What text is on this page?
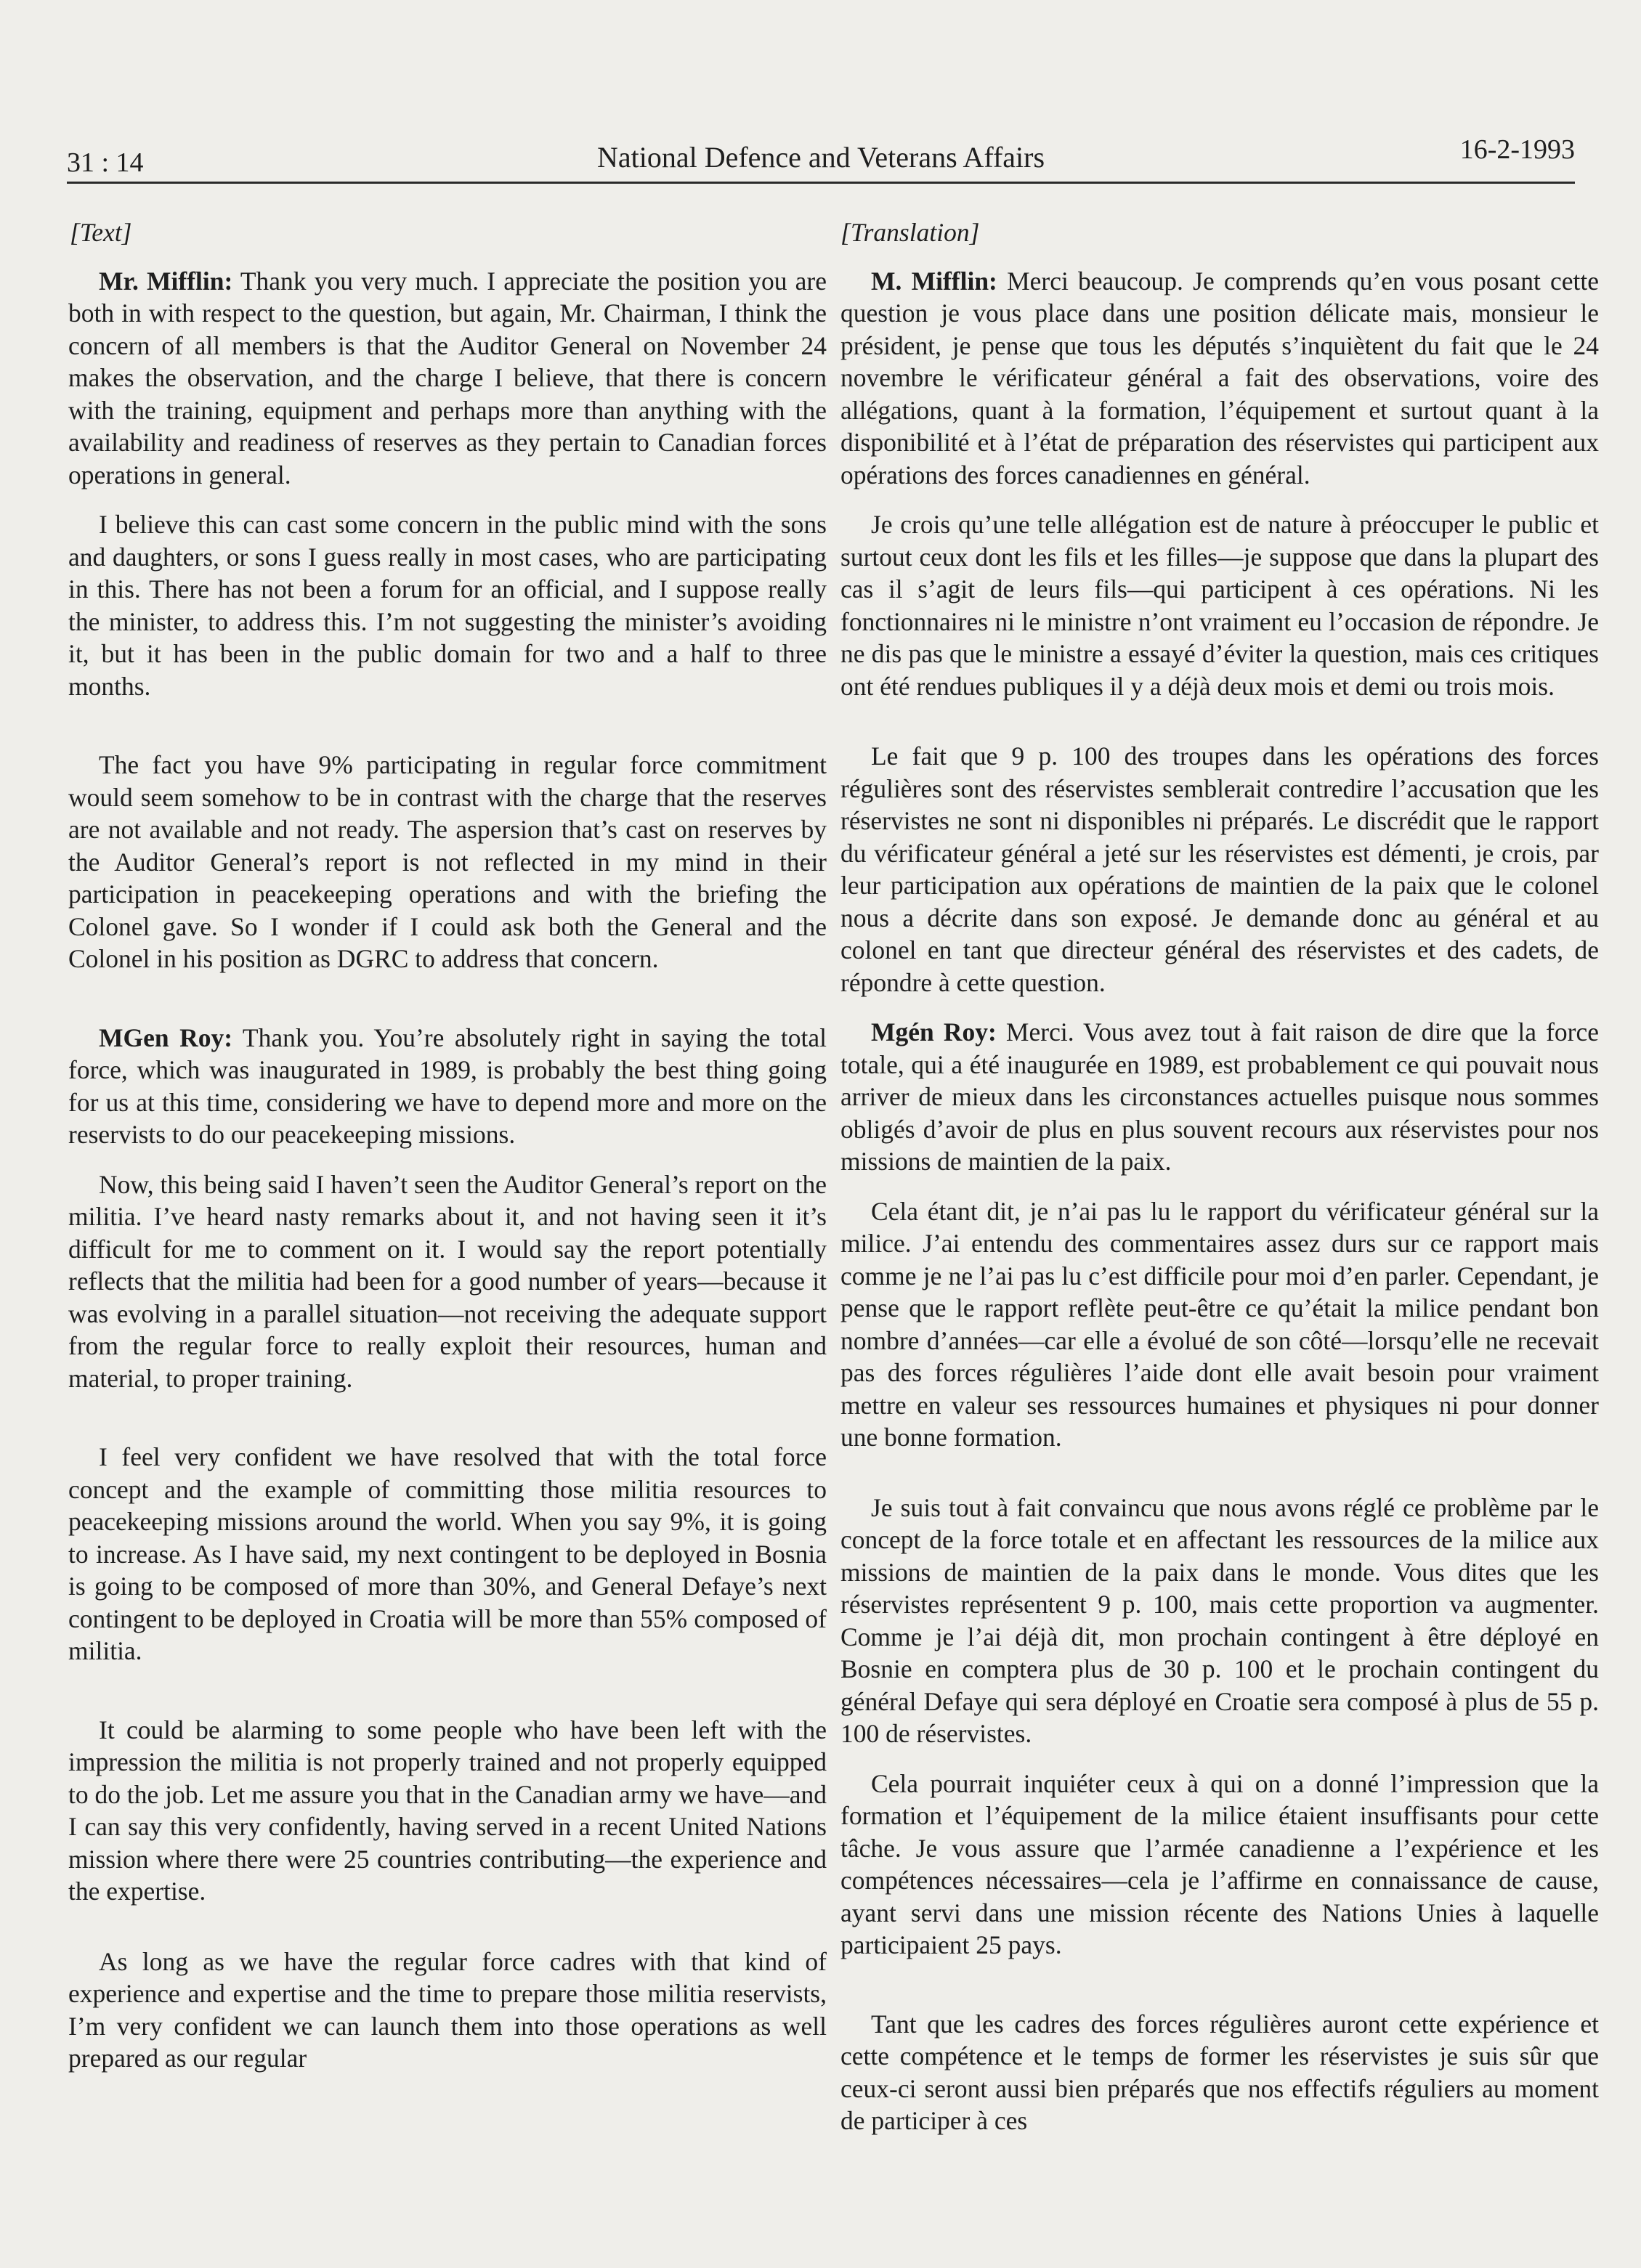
31 : 14	National Defence and Veterans Affairs	16-2-1993
[Text]

Mr. Mifflin: Thank you very much. I appreciate the position you are both in with respect to the question, but again, Mr. Chairman, I think the concern of all members is that the Auditor General on November 24 makes the observation, and the charge I believe, that there is concern with the training, equipment and perhaps more than anything with the availability and readiness of reserves as they pertain to Canadian forces operations in general.

I believe this can cast some concern in the public mind with the sons and daughters, or sons I guess really in most cases, who are participating in this. There has not been a forum for an official, and I suppose really the minister, to address this. I’m not suggesting the minister’s avoiding it, but it has been in the public domain for two and a half to three months.

The fact you have 9% participating in regular force commitment would seem somehow to be in contrast with the charge that the reserves are not available and not ready. The aspersion that’s cast on reserves by the Auditor General’s report is not reflected in my mind in their participation in peacekeeping operations and with the briefing the Colonel gave. So I wonder if I could ask both the General and the Colonel in his position as DGRC to address that concern.

MGen Roy: Thank you. You’re absolutely right in saying the total force, which was inaugurated in 1989, is probably the best thing going for us at this time, considering we have to depend more and more on the reservists to do our peacekeeping missions.

Now, this being said I haven’t seen the Auditor General’s report on the militia. I’ve heard nasty remarks about it, and not having seen it it’s difficult for me to comment on it. I would say the report potentially reflects that the militia had been for a good number of years—because it was evolving in a parallel situation—not receiving the adequate support from the regular force to really exploit their resources, human and material, to proper training.

I feel very confident we have resolved that with the total force concept and the example of committing those militia resources to peacekeeping missions around the world. When you say 9%, it is going to increase. As I have said, my next contingent to be deployed in Bosnia is going to be composed of more than 30%, and General Defaye’s next contingent to be deployed in Croatia will be more than 55% composed of militia.

It could be alarming to some people who have been left with the impression the militia is not properly trained and not properly equipped to do the job. Let me assure you that in the Canadian army we have—and I can say this very confidently, having served in a recent United Nations mission where there were 25 countries contributing—the experience and the expertise.

As long as we have the regular force cadres with that kind of experience and expertise and the time to prepare those militia reservists, I’m very confident we can launch them into those operations as well prepared as our regular

[Translation]

M. Mifflin: Merci beaucoup. Je comprends qu’en vous posant cette question je vous place dans une position délicate mais, monsieur le président, je pense que tous les députés s’inquiètent du fait que le 24 novembre le vérificateur général a fait des observations, voire des allégations, quant à la formation, l’équipement et surtout quant à la disponibilité et à l’état de préparation des réservistes qui participent aux opérations des forces canadiennes en général.

Je crois qu’une telle allégation est de nature à préoccuper le public et surtout ceux dont les fils et les filles—je suppose que dans la plupart des cas il s’agit de leurs fils—qui participent à ces opérations. Ni les fonctionnaires ni le ministre n’ont vraiment eu l’occasion de répondre. Je ne dis pas que le ministre a essayé d’éviter la question, mais ces critiques ont été rendues publiques il y a déjà deux mois et demi ou trois mois.

Le fait que 9 p. 100 des troupes dans les opérations des forces régulières sont des réservistes semblerait contredire l’accusation que les réservistes ne sont ni disponibles ni préparés. Le discrédit que le rapport du vérificateur général a jeté sur les réservistes est démenti, je crois, par leur participation aux opérations de maintien de la paix que le colonel nous a décrite dans son exposé. Je demande donc au général et au colonel en tant que directeur général des réservistes et des cadets, de répondre à cette question.

Mgén Roy: Merci. Vous avez tout à fait raison de dire que la force totale, qui a été inaugurée en 1989, est probablement ce qui pouvait nous arriver de mieux dans les circonstances actuelles puisque nous sommes obligés d’avoir de plus en plus souvent recours aux réservistes pour nos missions de maintien de la paix.

Cela étant dit, je n’ai pas lu le rapport du vérificateur général sur la milice. J’ai entendu des commentaires assez durs sur ce rapport mais comme je ne l’ai pas lu c’est difficile pour moi d’en parler. Cependant, je pense que le rapport reflète peut-être ce qu’était la milice pendant bon nombre d’années—car elle a évolué de son côté—lorsqu’elle ne recevait pas des forces régulières l’aide dont elle avait besoin pour vraiment mettre en valeur ses ressources humaines et physiques ni pour donner une bonne formation.

Je suis tout à fait convaincu que nous avons réglé ce problème par le concept de la force totale et en affectant les ressources de la milice aux missions de maintien de la paix dans le monde. Vous dites que les réservistes représentent 9 p. 100, mais cette proportion va augmenter. Comme je l’ai déjà dit, mon prochain contingent à être déployé en Bosnie en comptera plus de 30 p. 100 et le prochain contingent du général Defaye qui sera déployé en Croatie sera composé à plus de 55 p. 100 de réservistes.

Cela pourrait inquiéter ceux à qui on a donné l’impression que la formation et l’équipement de la milice étaient insuffisants pour cette tâche. Je vous assure que l’armée canadienne a l’expérience et les compétences nécessaires—cela je l’affirme en connaissance de cause, ayant servi dans une mission récente des Nations Unies à laquelle participaient 25 pays.

Tant que les cadres des forces régulières auront cette expérience et cette compétence et le temps de former les réservistes je suis sûr que ceux-ci seront aussi bien préparés que nos effectifs réguliers au moment de participer à ces
